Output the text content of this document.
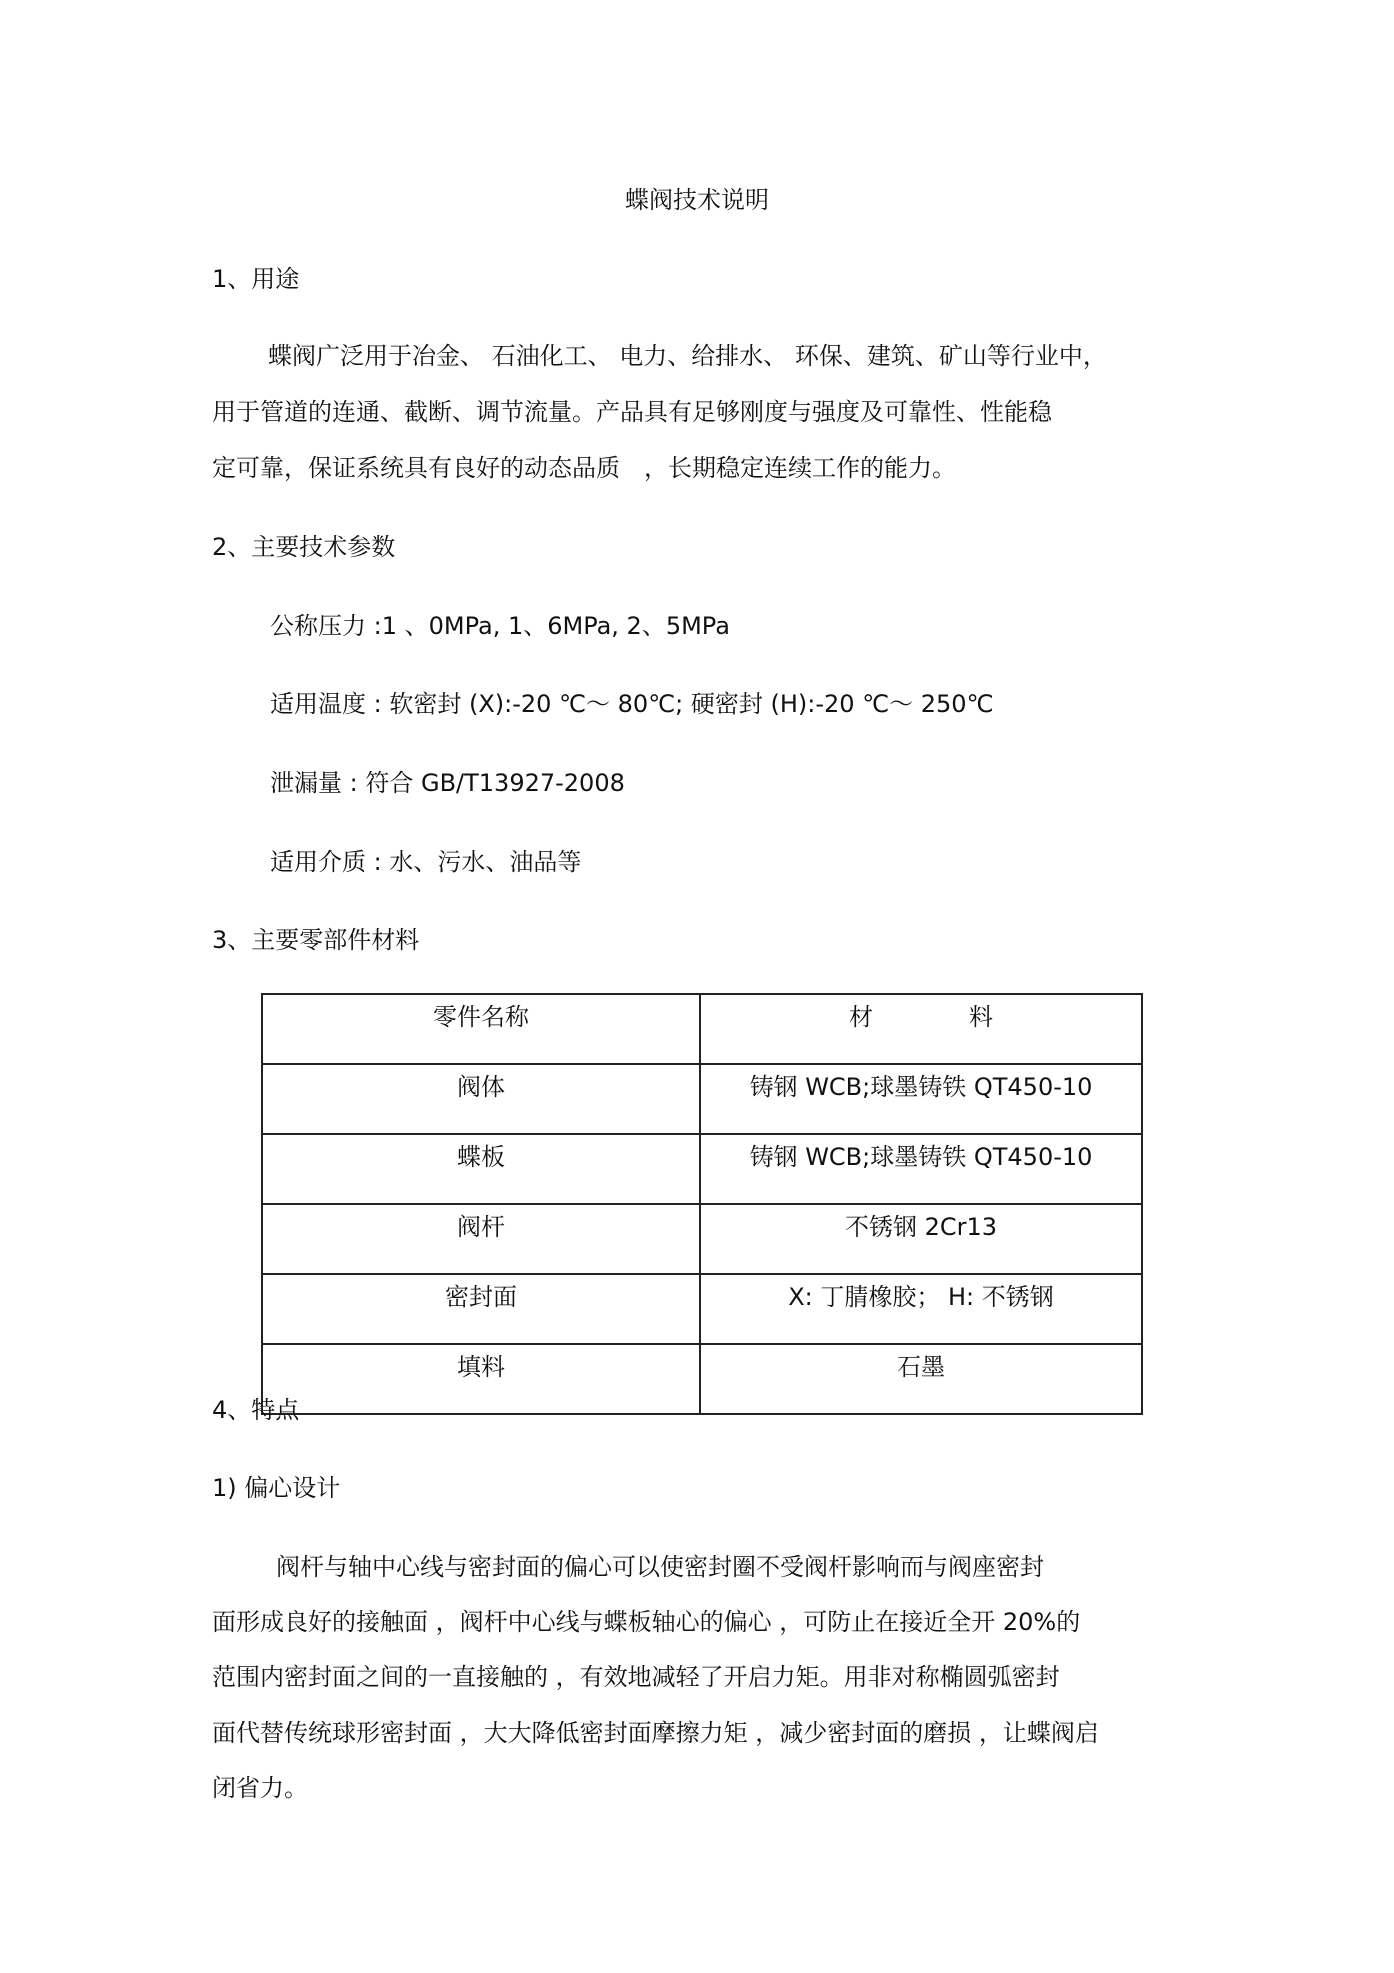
蝶阀技术说明
1、用途
蝶阀广泛用于冶金、 石油化工、 电力、给排水、 环保、建筑、矿山等行业中，
用于管道的连通、截断、调节流量。产品具有足够刚度与强度及可靠性、性能稳
定可靠，保证系统具有良好的动态品质　，长期稳定连续工作的能力。
2、主要技术参数
公称压力 :1 、0MPa, 1、6MPa, 2、5MPa
适用温度 : 软密封 (X):-20 ℃～ 80℃; 硬密封 (H):-20 ℃～ 250℃
泄漏量 : 符合 GB/T13927-2008
适用介质 : 水、污水、油品等
3、主要零部件材料
零件名称	材　　　　料
阀体	铸钢 WCB;球墨铸铁 QT450-10
蝶板	铸钢 WCB;球墨铸铁 QT450-10
阀杆	不锈钢 2Cr13
密封面	X: 丁腈橡胶； H: 不锈钢
填料	石墨
4、特点
1) 偏心设计
阀杆与轴中心线与密封面的偏心可以使密封圈不受阀杆影响而与阀座密封
面形成良好的接触面 ，阀杆中心线与蝶板轴心的偏心 ，可防止在接近全开 20%的
范围内密封面之间的一直接触的 ，有效地减轻了开启力矩。用非对称椭圆弧密封
面代替传统球形密封面 ，大大降低密封面摩擦力矩 ，减少密封面的磨损 ，让蝶阀启
闭省力。
